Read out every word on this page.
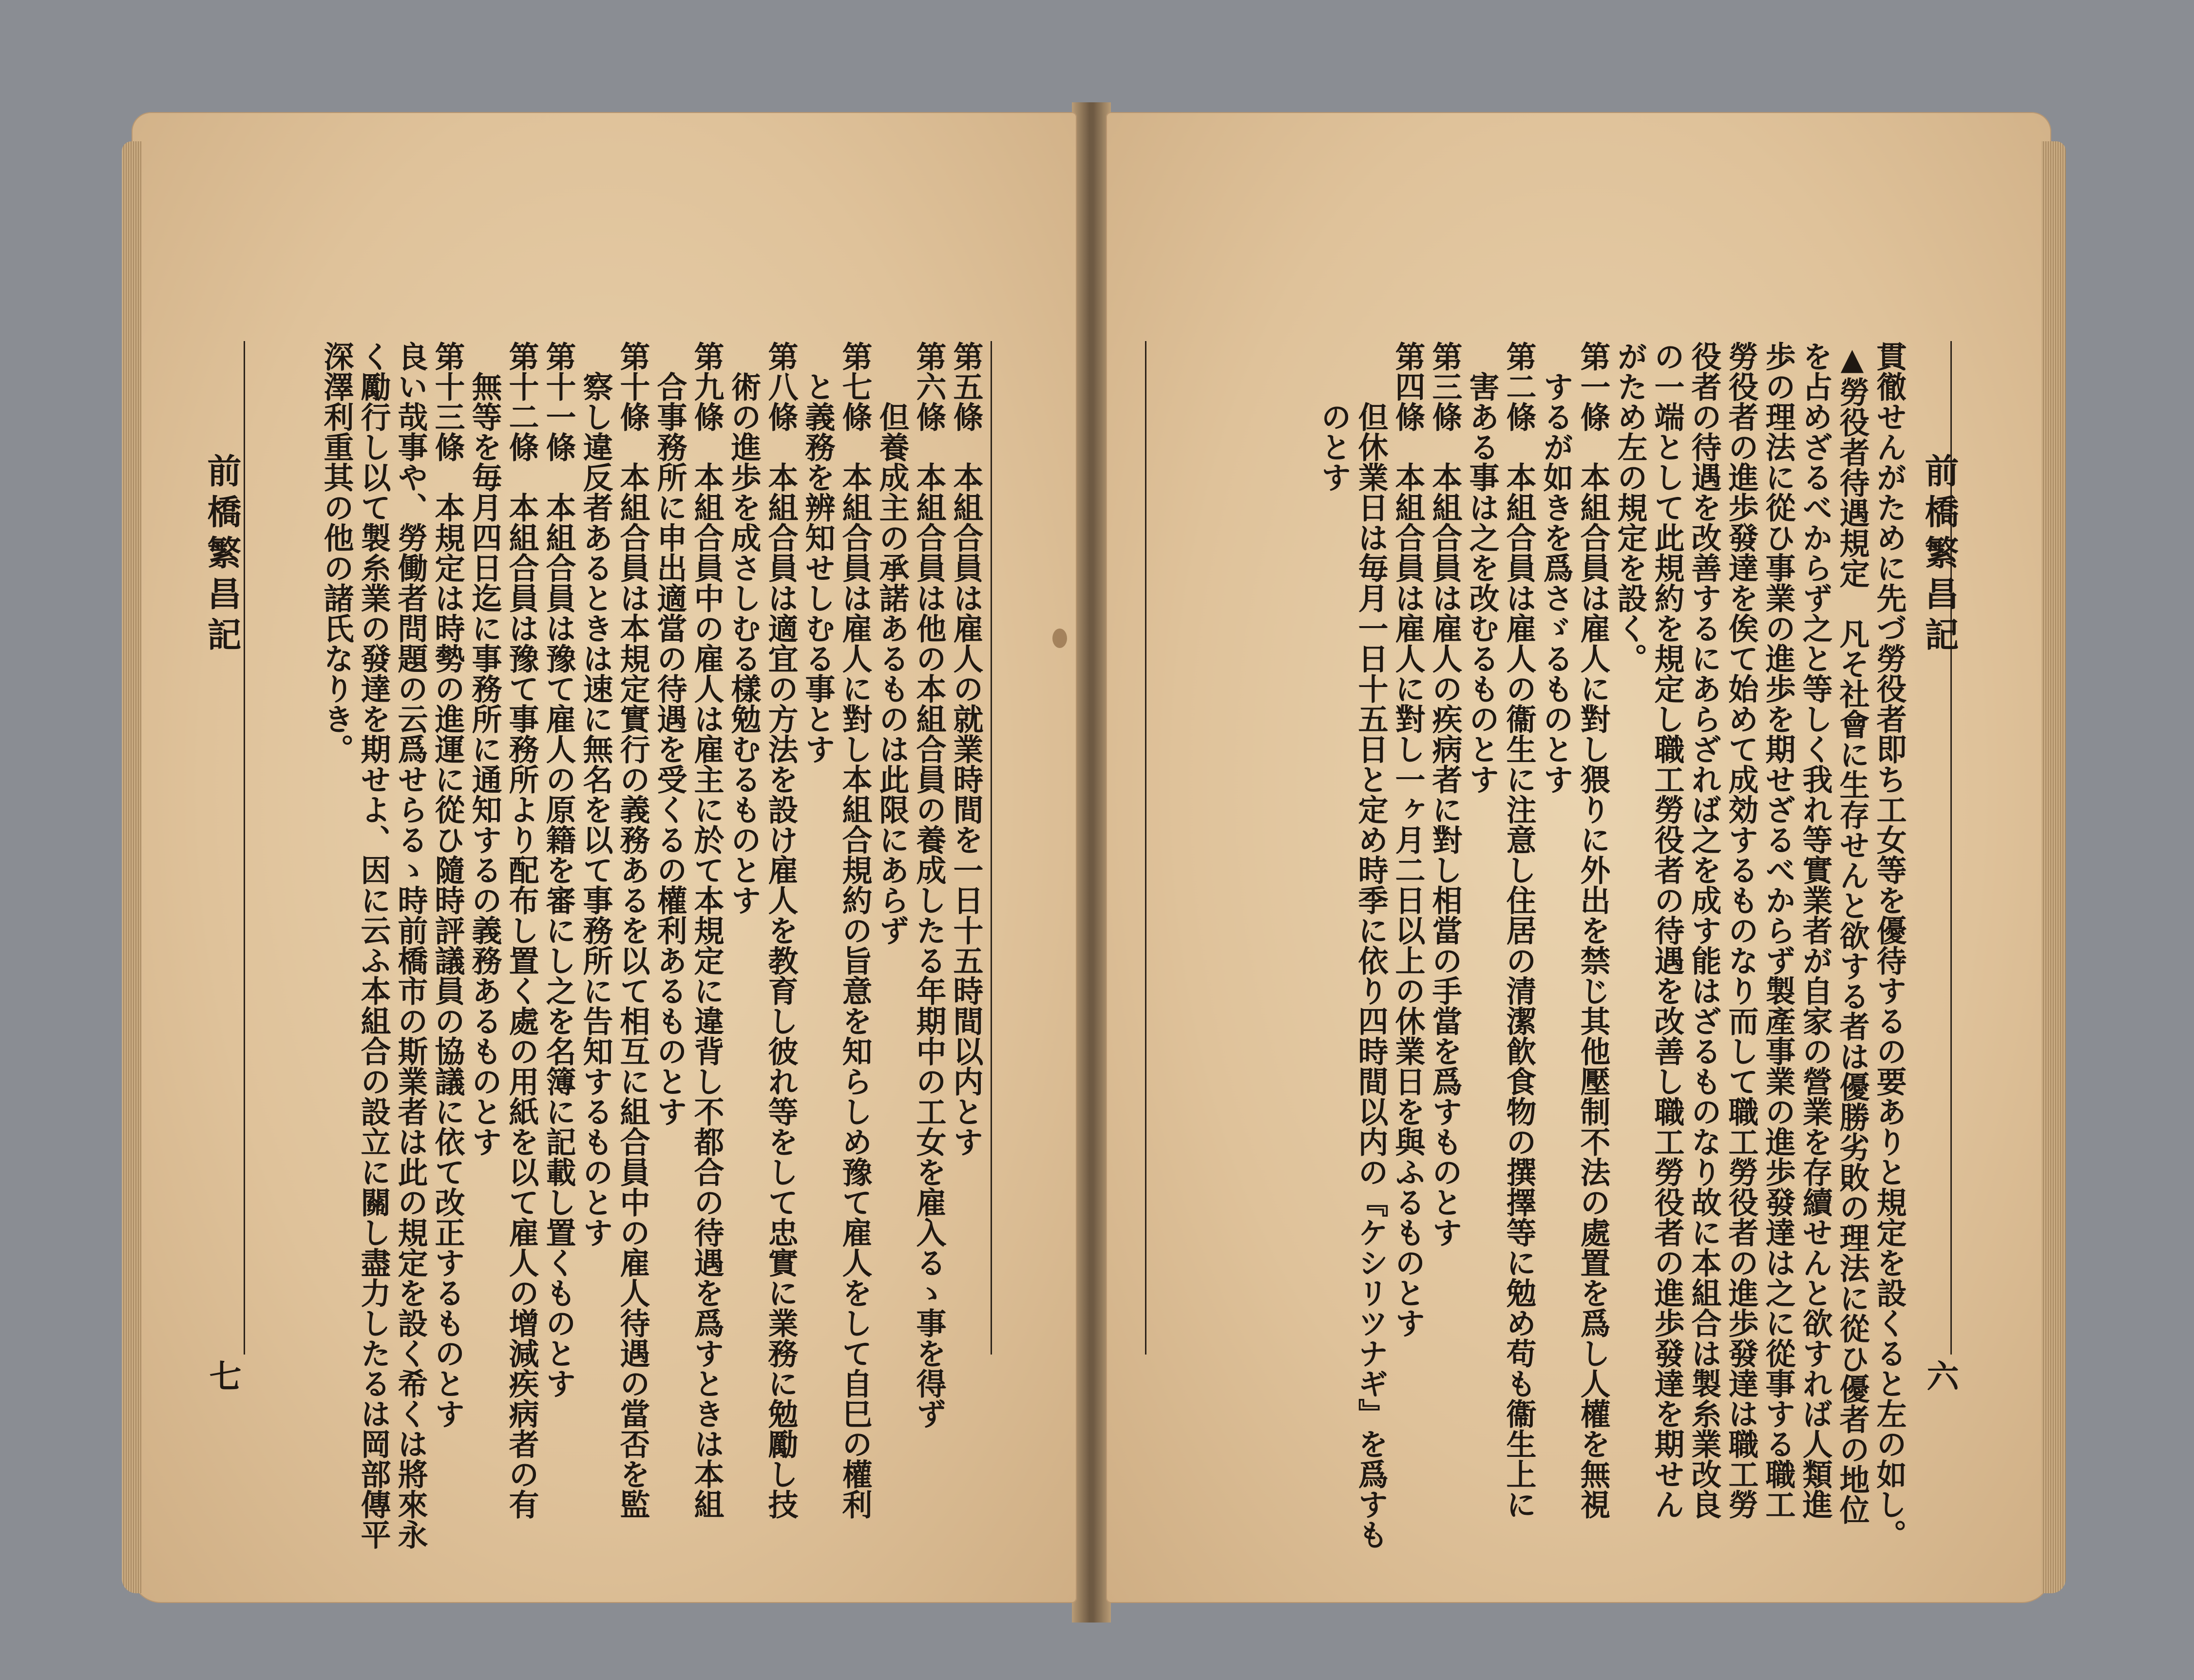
第五條　本組合員は雇人の就業時間を一日十五時間以内とす

第六條　本組合員は他の本組合員の養成したる年期中の工女を雇入るゝ事を得ず

　　但養成主の承諾あるものは此限にあらず

第七條　本組合員は雇人に對し本組合規約の旨意を知らしめ豫て雇人をして自巳の權利

　と義務を辨知せしむる事とす

第八條　本組合員は適宜の方法を設け雇人を教育し彼れ等をして忠實に業務に勉勵し技

　術の進歩を成さしむる樣勉むるものとす

第九條　本組合員中の雇人は雇主に於て本規定に違背し不都合の待遇を爲すときは本組

　合事務所に申出適當の待遇を受くるの權利あるものとす

第十條　本組合員は本規定實行の義務あるを以て相互に組合員中の雇人待遇の當否を監

　察し違反者あるときは速に無名を以て事務所に告知するものとす

第十一條　本組合員は豫て雇人の原籍を審にし之を名簿に記載し置くものとす

第十二條　本組合員は豫て事務所より配布し置く處の用紙を以て雇人の增減疾病者の有

　無等を毎月四日迄に事務所に通知するの義務あるものとす

第十三條　本規定は時勢の進運に從ひ隨時評議員の協議に依て改正するものとす

良い哉事や、勞働者問題の云爲せらるゝ時前橋市の斯業者は此の規定を設く希くは將來永

く勵行し以て製糸業の發達を期せよ、因に云ふ本組合の設立に關し盡力したるは岡部傳平

深澤利重其の他の諸氏なりき。

前橋繁昌記
七	貫徹せんがために先づ勞役者即ち工女等を優待するの要ありと規定を設くると左の如し。

▲勞役者待遇規定　凡そ社會に生存せんと欲する者は優勝劣敗の理法に從ひ優者の地位

を占めざるべからず之と等しく我れ等實業者が自家の營業を存續せんと欲すれば人類進

歩の理法に從ひ事業の進歩を期せざるべからず製產事業の進歩發達は之に從事する職工

勞役者の進歩發達を俟て始めて成効するものなり而して職工勞役者の進歩發達は職工勞

役者の待遇を改善するにあらざれば之を成す能はざるものなり故に本組合は製糸業改良

の一端として此規約を規定し職工勞役者の待遇を改善し職工勞役者の進歩發達を期せん

がため左の規定を設く。

第一條　本組合員は雇人に對し猥りに外出を禁じ其他壓制不法の處置を爲し人權を無視

　するが如きを爲さゞるものとす

第二條　本組合員は雇人の衞生に注意し住居の清潔飮食物の撰擇等に勉め苟も衞生上に

　害ある事は之を改むるものとす

第三條　本組合員は雇人の疾病者に對し相當の手當を爲すものとす

第四條　本組合員は雇人に對し一ヶ月二日以上の休業日を與ふるものとす

　　但休業日は毎月一日十五日と定め時季に依り四時間以内の『ケシリツナギ』を爲すも

　　のとす

前橋繁昌記
六
